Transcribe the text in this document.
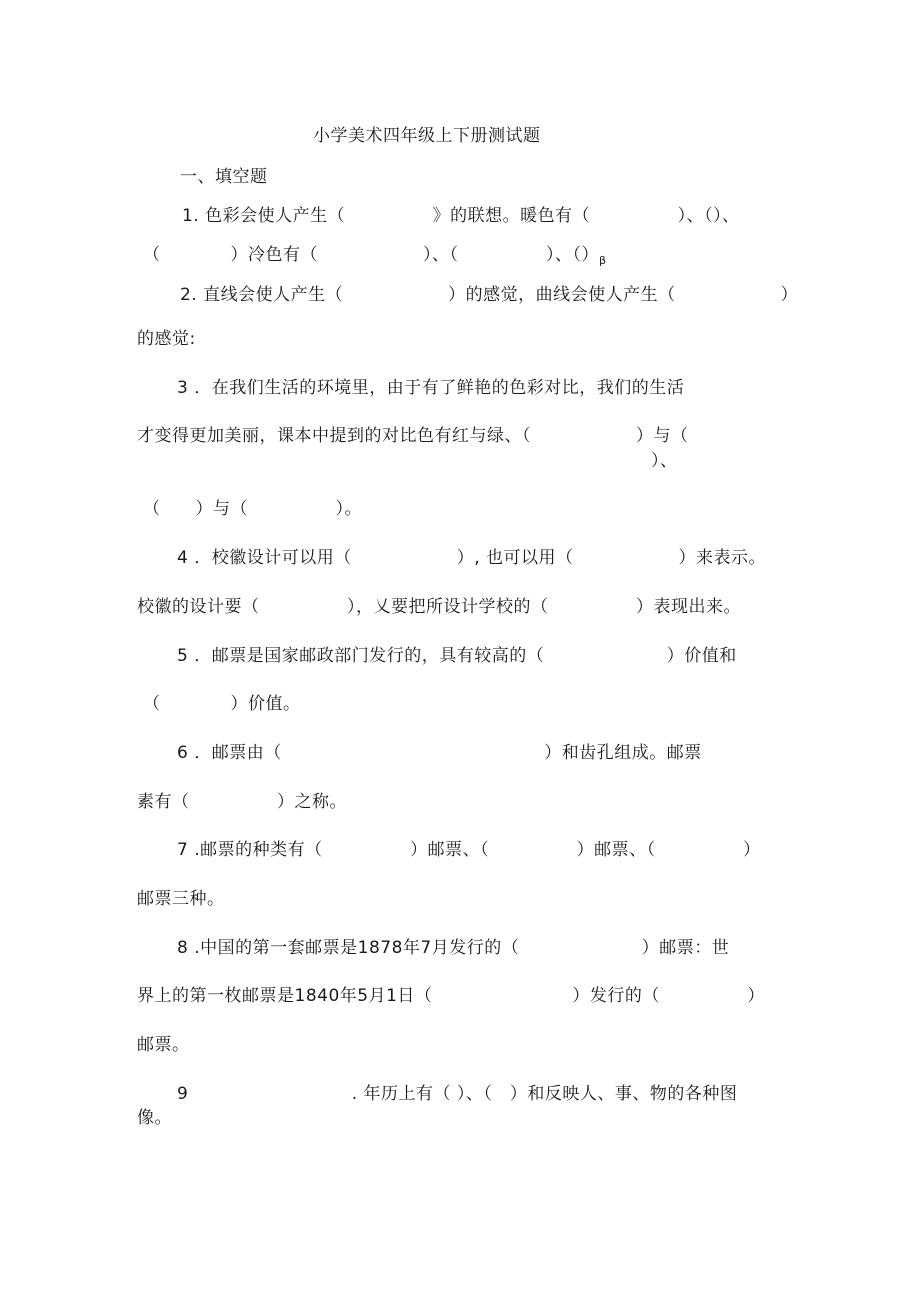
小学美术四年级上下册测试题
一、填空题
1. 色彩会使人产生（　　　　　》的联想。暖色有（　　　　　）、（）、
（　　　　）冷色有（　　　　　　）、（　　　　　）、$()_\beta$
2. 直线会使人产生（　　　　　　）的感觉，曲线会使人产生（　　　　　　）
的感觉:
3 ．在我们生活的环境里，由于有了鲜艳的色彩对比，我们的生活
才变得更加美丽，课本中提到的对比色有红与绿、（　　　　　　）与（
）、
（　　）与（　　　　　）。
4 ．校徽设计可以用（　　　　　　）, 也可以用（　　　　　　）来表示。
校徽的设计要（　　　　　），乂要把所设计学校的（　　　　　）表现出来。
5 ．邮票是国家邮政部门发行的，具有较高的（　　　　　　　）价值和
（　　　　）价值。
6 ．邮票由（　　　　　　　　　　　　　　　）和齿孔组成。邮票
素有（　　　　　）之称。
7 .邮票的种类有（　　　　　）邮票、（　　　　　）邮票、（　　　　　）
邮票三种。
8 .中国的第一套邮票是1878年7月发行的（　　　　　　　）邮票：世
界上的第一枚邮票是1840年5月1日（　　　　　　　　）发行的（　　　　　）
邮票。
9　　　　　　　　　 . 年历上有（ ）、（　）和反映人、事、物的各种图
像。
